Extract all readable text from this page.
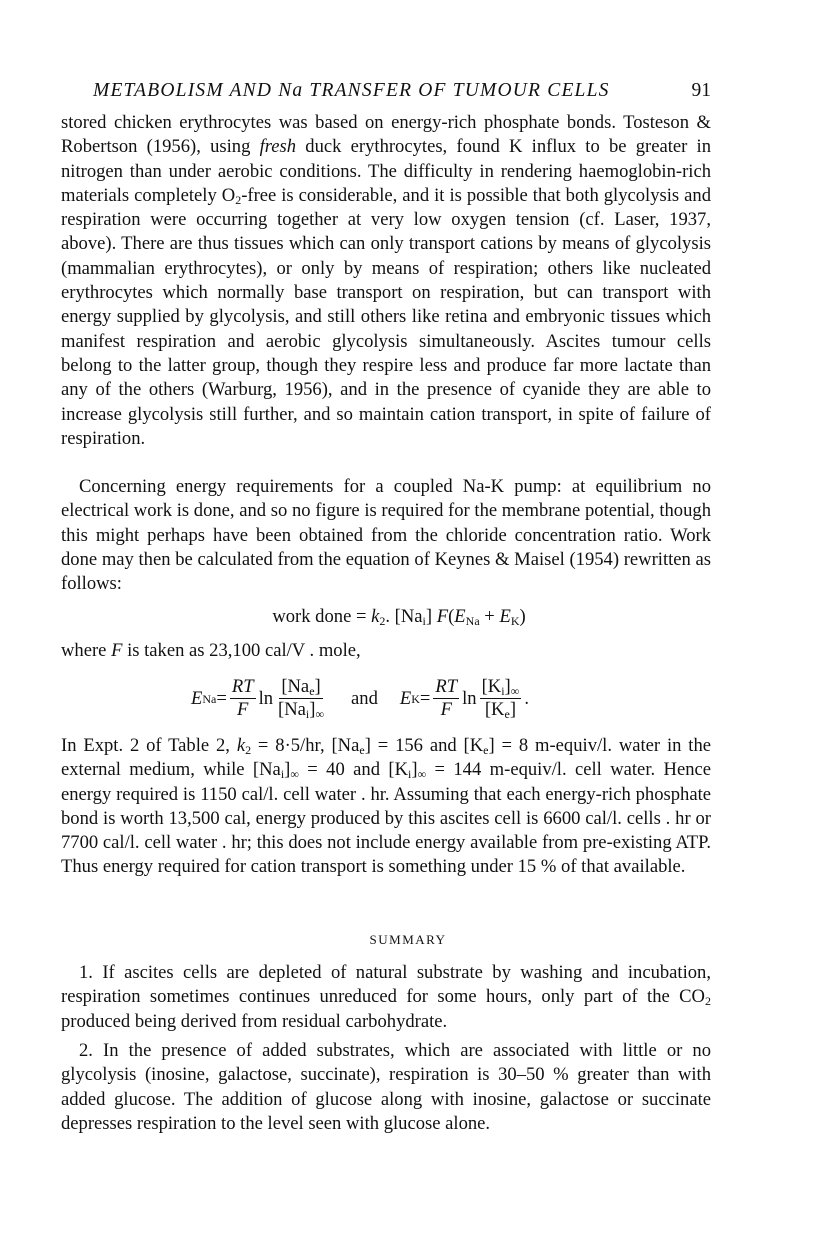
METABOLISM AND Na TRANSFER OF TUMOUR CELLS	91

stored chicken erythrocytes was based on energy-rich phosphate bonds. Tosteson & Robertson (1956), using fresh duck erythrocytes, found K influx to be greater in nitrogen than under aerobic conditions. The difficulty in rendering haemoglobin-rich materials completely $O_2$-free is considerable, and it is possible that both glycolysis and respiration were occurring together at very low oxygen tension (cf. Laser, 1937, above). There are thus tissues which can only transport cations by means of glycolysis (mammalian erythrocytes), or only by means of respiration; others like nucleated erythrocytes which normally base transport on respiration, but can transport with energy supplied by glycolysis, and still others like retina and embryonic tissues which manifest respiration and aerobic glycolysis simultaneously. Ascites tumour cells belong to the latter group, though they respire less and produce far more lactate than any of the others (Warburg, 1956), and in the presence of cyanide they are able to increase glycolysis still further, and so maintain cation transport, in spite of failure of respiration.

Concerning energy requirements for a coupled Na-K pump: at equilibrium no electrical work is done, and so no figure is required for the membrane potential, though this might perhaps have been obtained from the chloride concentration ratio. Work done may then be calculated from the equation of Keynes & Maisel (1954) rewritten as follows:

work done = $k_2$. $[Na_i] F(E_{Na} + E_K)$
where F is taken as 23,100 cal/V . mole,
E $Na = \frac{RT}{F}$ $\ln \frac{[Na_e]}{[Na_i]_\infty}$ and E $K = \frac{RT}{F}$ $\ln \frac{[K_i]_\infty}{[K_e]}$ .

In Expt. 2 of Table 2, $k_2 = 8\cdot 5/hr$, $[Na_e] = 156$ and $[K_e] = 8$ m-equiv/l. water in the external medium, while $[Na_i]_\infty = 40$ and $[K_i]_\infty = 144$ m-equiv/l. cell water. Hence energy required is 1150 cal/l. cell water . hr. Assuming that each energy-rich phosphate bond is worth 13,500 cal, energy produced by this ascites cell is 6600 cal/l. cells . hr or 7700 cal/l. cell water . hr; this does not include energy available from pre-existing ATP. Thus energy required for cation transport is something under 15 % of that available.

SUMMARY

1. If ascites cells are depleted of natural substrate by washing and incubation, respiration sometimes continues unreduced for some hours, only part of the $CO_2$ produced being derived from residual carbohydrate.

2. In the presence of added substrates, which are associated with little or no glycolysis (inosine, galactose, succinate), respiration is 30–50 % greater than with added glucose. The addition of glucose along with inosine, galactose or succinate depresses respiration to the level seen with glucose alone.
